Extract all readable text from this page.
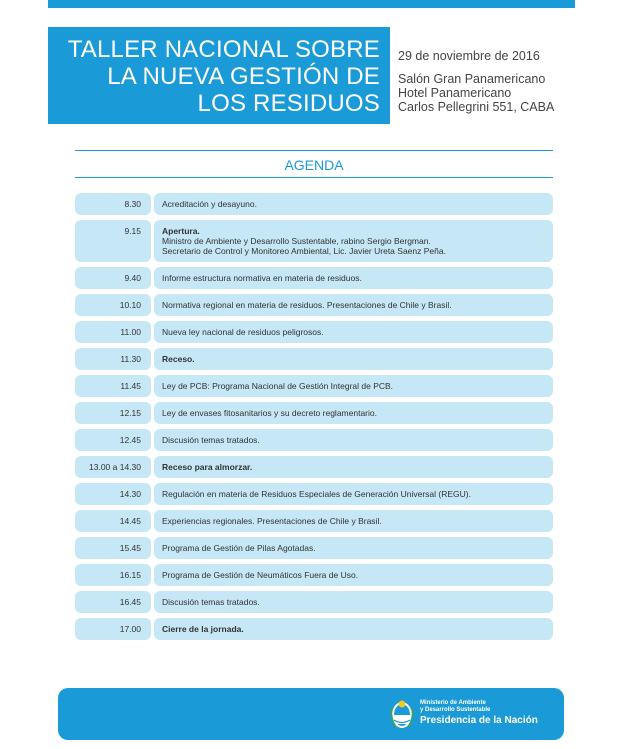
TALLER NACIONAL SOBRE
LA NUEVA GESTIÓN DE
LOS RESIDUOS
29 de noviembre de 2016
Salón Gran Panamericano
Hotel Panamericano
Carlos Pellegrini 551, CABA
AGENDA
8.30	Acreditación y desayuno.
9.15	Apertura.
Ministro de Ambiente y Desarrollo Sustentable, rabino Sergio Bergman.
Secretario de Control y Monitoreo Ambiental, Lic. Javier Ureta Saenz Peña.
9.40	Informe estructura normativa en materia de residuos.
10.10	Normativa regional en materia de residuos. Presentaciones de Chile y Brasil.
11.00	Nueva ley nacional de residuos peligrosos.
11.30	Receso.
11.45	Ley de PCB: Programa Nacional de Gestión Integral de PCB.
12.15	Ley de envases fitosanitarios y su decreto reglamentario.
12.45	Discusión temas tratados.
13.00 a 14.30	Receso para almorzar.
14.30	Regulación en materia de Residuos Especiales de Generación Universal (REGU).
14.45	Experiencias regionales. Presentaciones de Chile y Brasil.
15.45	Programa de Gestión de Pilas Agotadas.
16.15	Programa de Gestión de Neumáticos Fuera de Uso.
16.45	Discusión temas tratados.
17.00	Cierre de la jornada.
Ministerio de Ambiente
y Desarrollo Sustentable
Presidencia de la Nación
